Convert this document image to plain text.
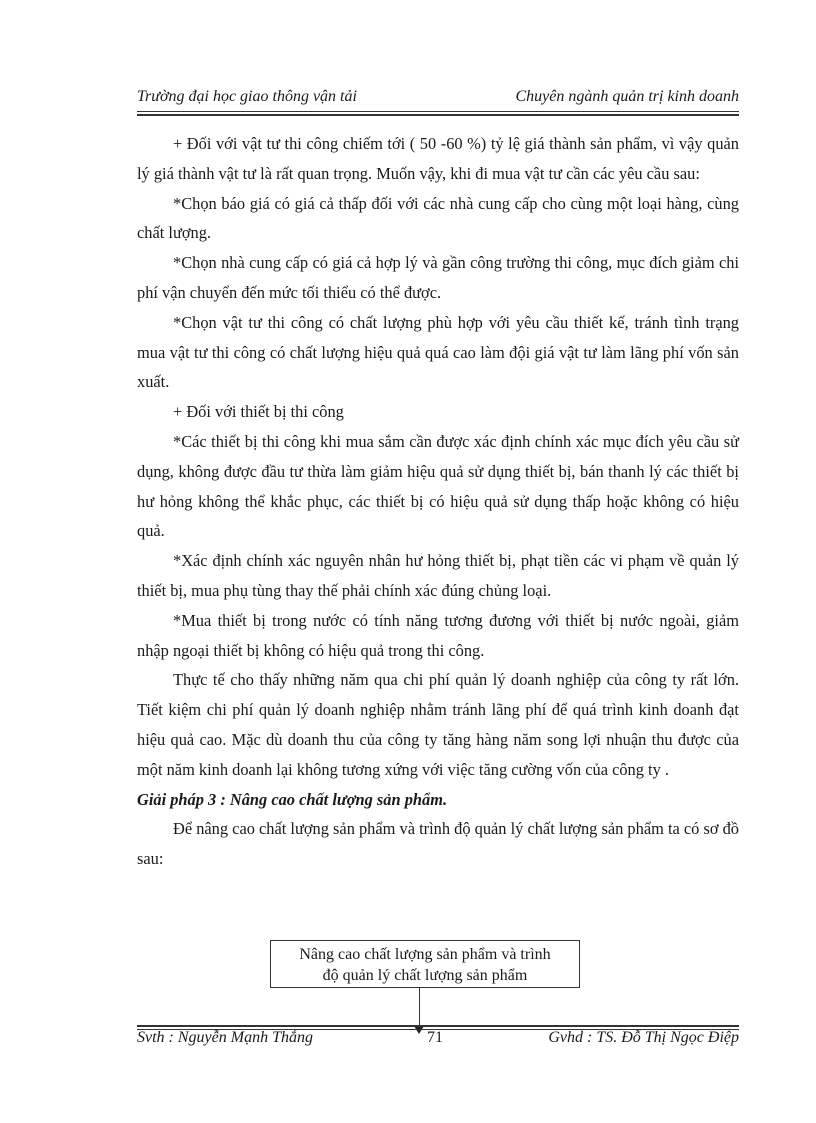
Trường đại học giao thông vận tải	Chuyên ngành quản trị kinh doanh

+ Đối với vật tư thi công chiếm tới ( 50 -60 %) tỷ lệ giá thành sản phẩm, vì vậy quản lý giá thành vật tư là rất quan trọng. Muốn vậy, khi đi mua vật tư cần các yêu cầu sau:

*Chọn báo giá có giá cả thấp đối với các nhà cung cấp cho cùng một loại hàng, cùng chất lượng.

*Chọn nhà cung cấp có giá cả hợp lý và gần công trường thi công, mục đích giảm chi phí vận chuyển đến mức tối thiểu có thể được.

*Chọn vật tư thi công có chất lượng phù hợp với yêu cầu thiết kế, tránh tình trạng mua vật tư thi công có chất lượng hiệu quả quá cao làm đội giá vật tư làm lãng phí vốn sản xuất.

+ Đối với thiết bị thi công

*Các thiết bị thi công khi mua sắm cần được xác định chính xác mục đích yêu cầu sử dụng, không được đầu tư thừa làm giảm hiệu quả sử dụng thiết bị, bán thanh lý các thiết bị hư hỏng không thể khắc phục, các thiết bị có hiệu quả sử dụng thấp hoặc không có hiệu quả.

*Xác định chính xác nguyên nhân hư hỏng thiết bị, phạt tiền các vi phạm về quản lý thiết bị, mua phụ tùng thay thế phải chính xác đúng chủng loại.

*Mua thiết bị trong nước có tính năng tương đương với thiết bị nước ngoài, giảm nhập ngoại thiết bị không có hiệu quả trong thi công.

Thực tế cho thấy những năm qua chi phí quản lý doanh nghiệp của công ty rất lớn. Tiết kiệm chi phí quản lý doanh nghiệp nhằm tránh lãng phí để quá trình kinh doanh đạt hiệu quả cao. Mặc dù doanh thu của công ty tăng hàng năm song lợi nhuận thu được của một năm kinh doanh lại không tương xứng với việc tăng cường vốn của công ty .

Giải pháp 3 : Nâng cao chất lượng sản phẩm.

Để nâng cao chất lượng sản phẩm và trình độ quản lý chất lượng sản phẩm ta có sơ đồ sau:

Nâng cao chất lượng sản phẩm và trình
độ quản lý chất lượng sản phẩm
Svth : Nguyễn Mạnh Thắng	71	Gvhd : TS. Đỗ Thị Ngọc Điệp
